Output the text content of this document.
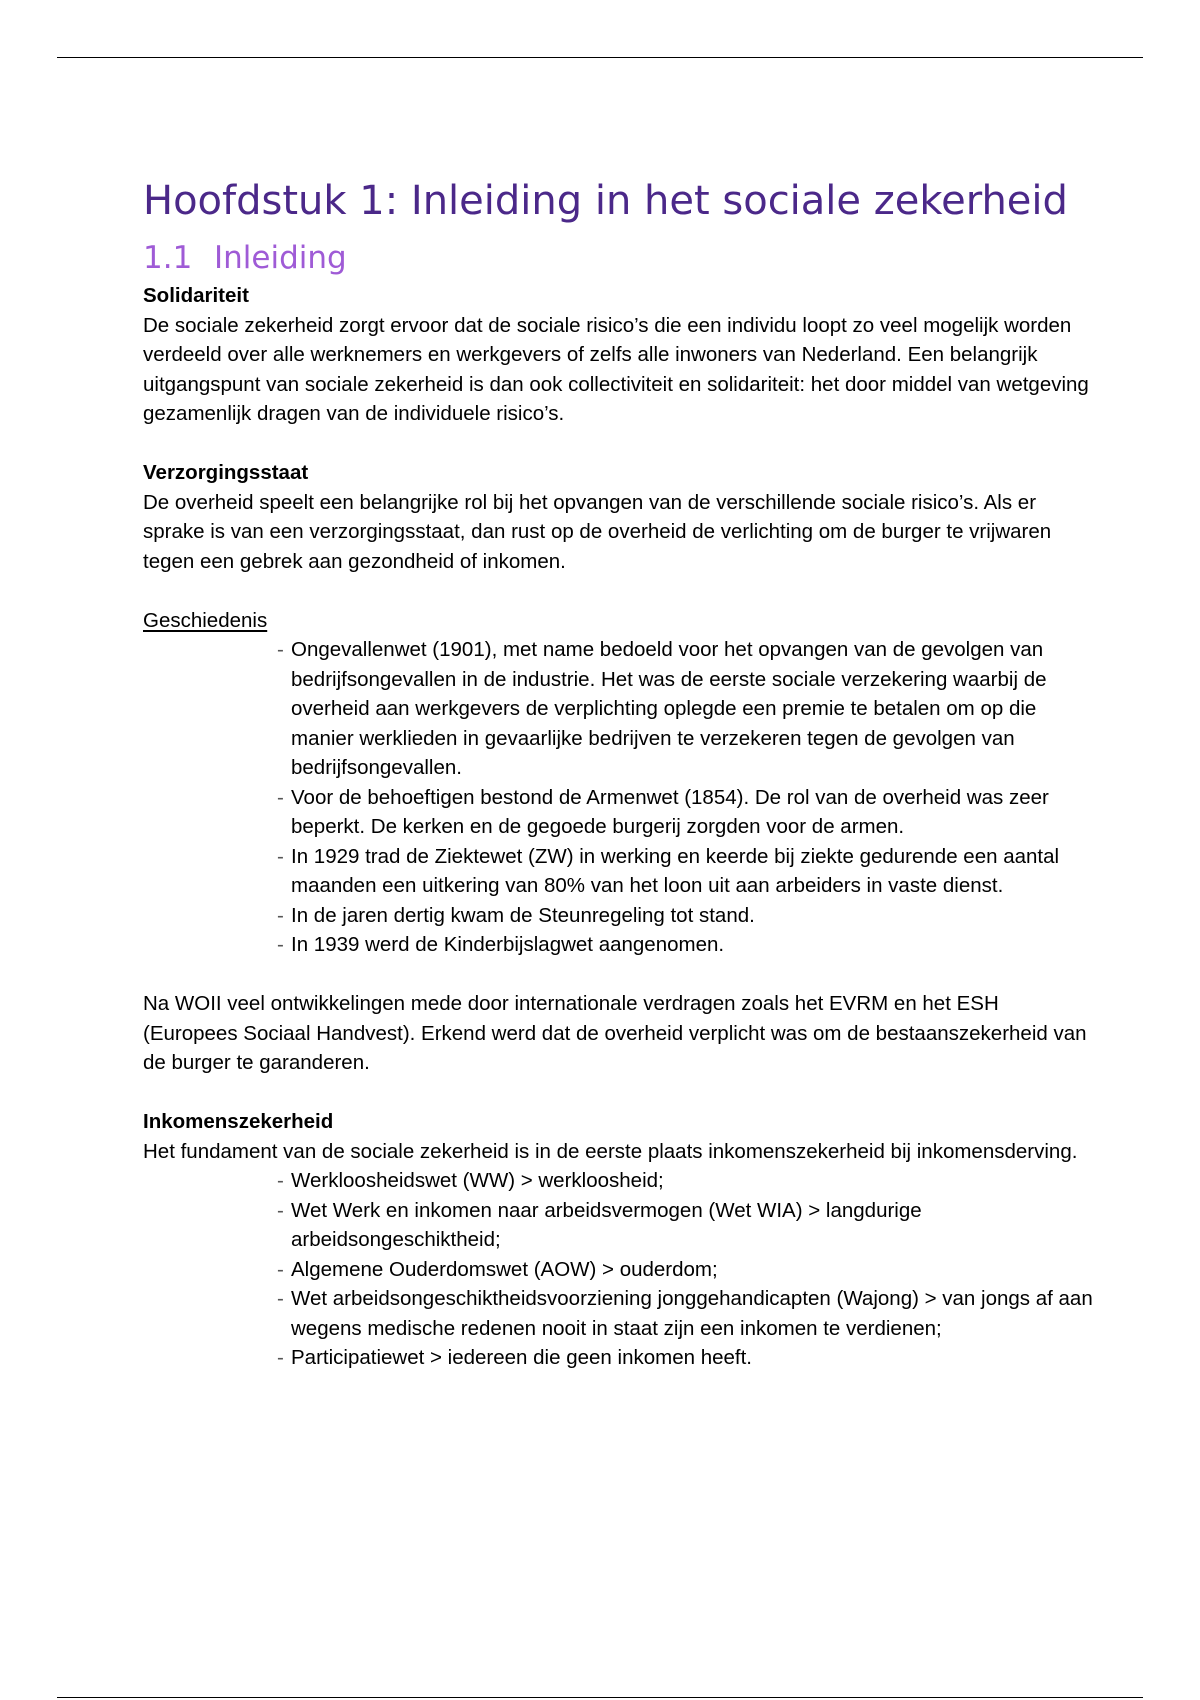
Hoofdstuk 1: Inleiding in het sociale zekerheid
1.1 Inleiding
Solidariteit

De sociale zekerheid zorgt ervoor dat de sociale risico’s die een individu loopt zo veel mogelijk worden verdeeld over alle werknemers en werkgevers of zelfs alle inwoners van Nederland. Een belangrijk uitgangspunt van sociale zekerheid is dan ook collectiviteit en solidariteit: het door middel van wetgeving gezamenlijk dragen van de individuele risico’s.

Verzorgingsstaat

De overheid speelt een belangrijke rol bij het opvangen van de verschillende sociale risico’s. Als er sprake is van een verzorgingsstaat, dan rust op de overheid de verlichting om de burger te vrijwaren tegen een gebrek aan gezondheid of inkomen.

Geschiedenis
- Ongevallenwet (1901), met name bedoeld voor het opvangen van de gevolgen van bedrijfsongevallen in de industrie. Het was de eerste sociale verzekering waarbij de overheid aan werkgevers de verplichting oplegde een premie te betalen om op die manier werklieden in gevaarlijke bedrijven te verzekeren tegen de gevolgen van bedrijfsongevallen.
- Voor de behoeftigen bestond de Armenwet (1854). De rol van de overheid was zeer beperkt. De kerken en de gegoede burgerij zorgden voor de armen.
- In 1929 trad de Ziektewet (ZW) in werking en keerde bij ziekte gedurende een aantal maanden een uitkering van 80% van het loon uit aan arbeiders in vaste dienst.
- In de jaren dertig kwam de Steunregeling tot stand.
- In 1939 werd de Kinderbijslagwet aangenomen.

Na WOII veel ontwikkelingen mede door internationale verdragen zoals het EVRM en het ESH (Europees Sociaal Handvest). Erkend werd dat de overheid verplicht was om de bestaanszekerheid van de burger te garanderen.

Inkomenszekerheid

Het fundament van de sociale zekerheid is in de eerste plaats inkomenszekerheid bij inkomensderving.

- Werkloosheidswet (WW) > werkloosheid;
- Wet Werk en inkomen naar arbeidsvermogen (Wet WIA) > langdurige arbeidsongeschiktheid;
- Algemene Ouderdomswet (AOW) > ouderdom;
- Wet arbeidsongeschiktheidsvoorziening jonggehandicapten (Wajong) > van jongs af aan wegens medische redenen nooit in staat zijn een inkomen te verdienen;
- Participatiewet > iedereen die geen inkomen heeft.
